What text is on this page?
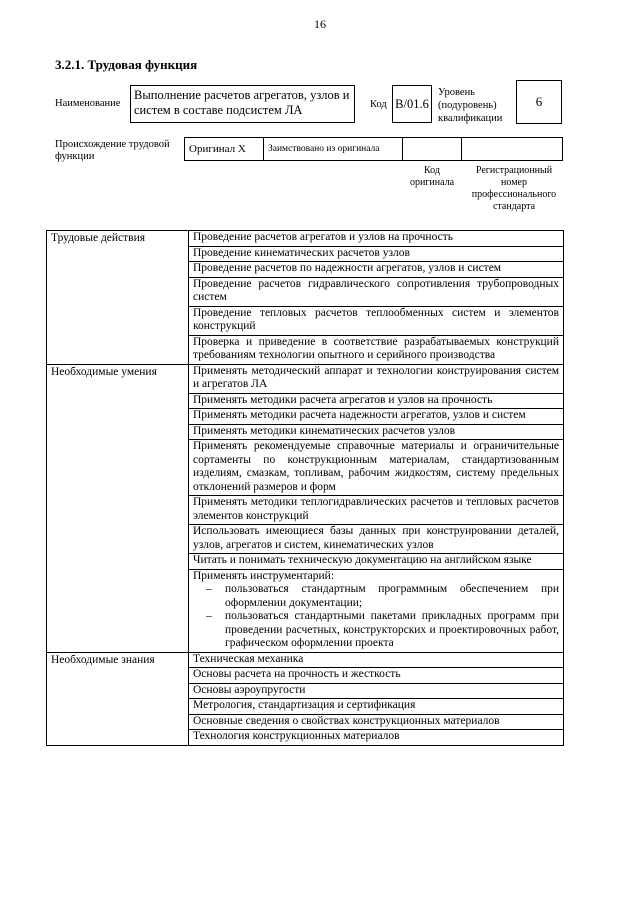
16
3.2.1. Трудовая функция
Наименование
Выполнение расчетов агрегатов, узлов и систем в составе подсистем ЛА	Код B/01.6
Уровень (подуровень) квалификации
6
Происхождение трудовой функции
Оригинал X	Заимствовано из оригинала
Код оригинала
Регистрационный номер профессионального стандарта
Трудовые действия	Проведение расчетов агрегатов и узлов на прочность

	Проведение кинематических расчетов узлов

	Проведение расчетов по надежности агрегатов, узлов и систем

	Проведение расчетов гидравлического сопротивления трубопроводных систем

	Проведение тепловых расчетов теплообменных систем и элементов конструкций

	Проверка и приведение в соответствие разрабатываемых конструкций требованиям технологии опытного и серийного производства

Необходимые умения	Применять методический аппарат и технологии конструирования систем и агрегатов ЛА

	Применять методики расчета агрегатов и узлов на прочность

	Применять методики расчета надежности агрегатов, узлов и систем

	Применять методики кинематических расчетов узлов

	Применять рекомендуемые справочные материалы и ограничительные сортаменты по конструкционным материалам, стандартизованным изделиям, смазкам, топливам, рабочим жидкостям, систему предельных отклонений размеров и форм

	Применять методики теплогидравлических расчетов и тепловых расчетов элементов конструкций

	Использовать имеющиеся базы данных при конструировании деталей, узлов, агрегатов и систем, кинематических узлов

	Читать и понимать техническую документацию на английском языке

	Применять инструментарий:
– пользоваться стандартным программным обеспечением при оформлении документации;
– пользоваться стандартными пакетами прикладных программ при проведении расчетных, конструкторских и проектировочных работ, графическом оформлении проекта

Необходимые знания	Техническая механика

	Основы расчета на прочность и жесткость

	Основы аэроупругости

	Метрология, стандартизация и сертификация

	Основные сведения о свойствах конструкционных материалов

	Технология конструкционных материалов
